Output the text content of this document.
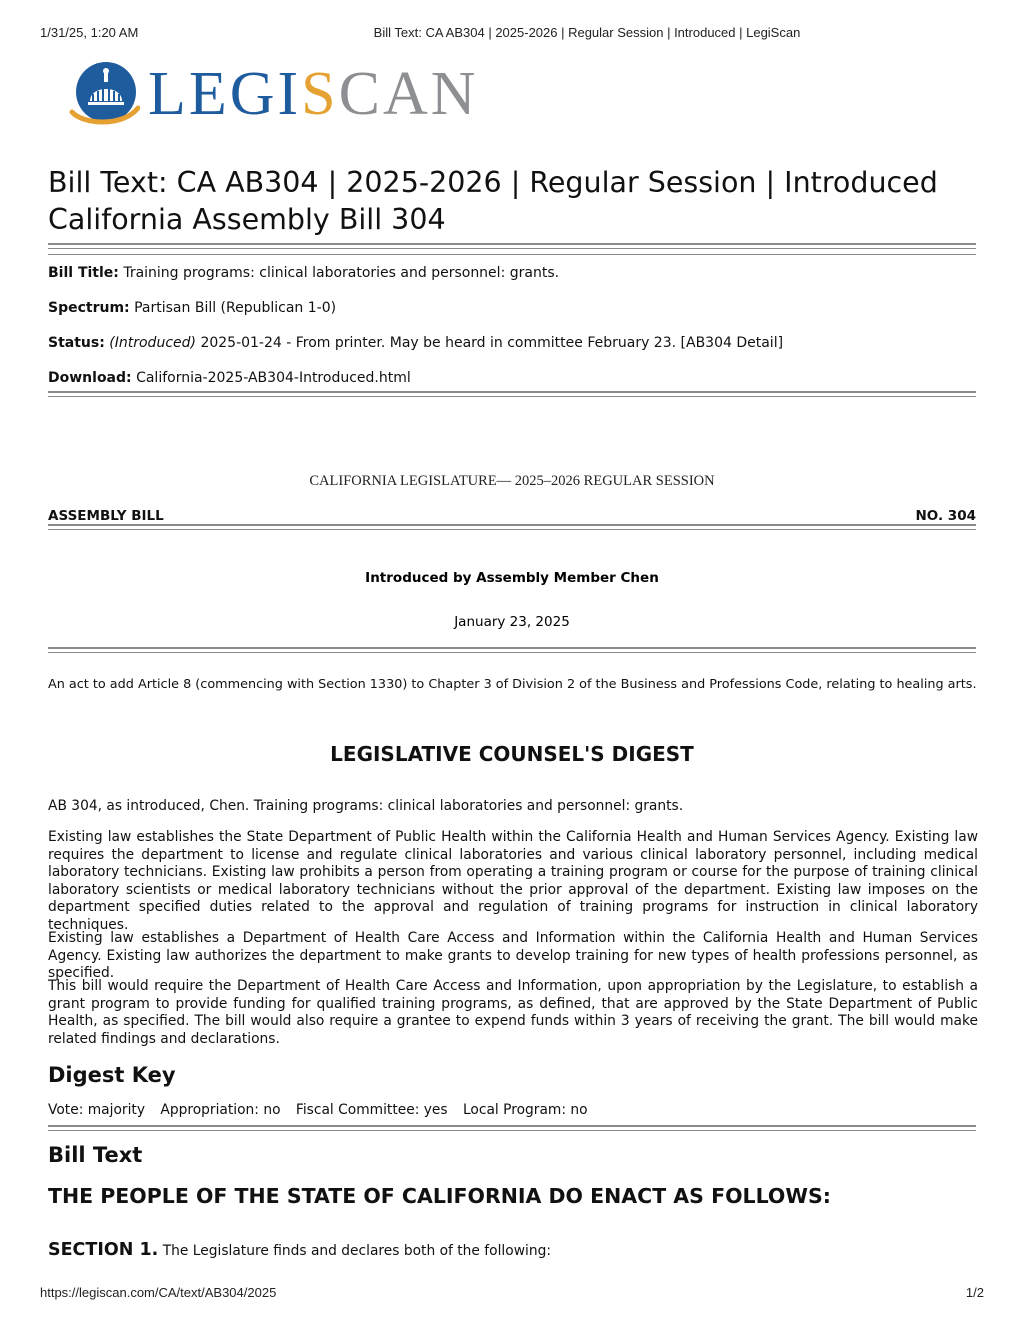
1/31/25, 1:20 AM	Bill Text: CA AB304 | 2025-2026 | Regular Session | Introduced | LegiScan
LEGISCAN
Bill Text: CA AB304 | 2025-2026 | Regular Session | Introduced
California Assembly Bill 304
Bill Title: Training programs: clinical laboratories and personnel: grants.
Spectrum: Partisan Bill (Republican 1-0)
Status: (Introduced) 2025-01-24 - From printer. May be heard in committee February 23. [AB304 Detail]
Download: California-2025-AB304-Introduced.html
CALIFORNIA LEGISLATURE— 2025–2026 REGULAR SESSION
ASSEMBLY BILL	NO. 304
Introduced by Assembly Member Chen
January 23, 2025
An act to add Article 8 (commencing with Section 1330) to Chapter 3 of Division 2 of the Business and Professions Code, relating to healing arts.
LEGISLATIVE COUNSEL'S DIGEST

AB 304, as introduced, Chen. Training programs: clinical laboratories and personnel: grants.

Existing law establishes the State Department of Public Health within the California Health and Human Services Agency. Existing law requires the department to license and regulate clinical laboratories and various clinical laboratory personnel, including medical laboratory technicians. Existing law prohibits a person from operating a training program or course for the purpose of training clinical laboratory scientists or medical laboratory technicians without the prior approval of the department. Existing law imposes on the department specified duties related to the approval and regulation of training programs for instruction in clinical laboratory techniques.

Existing law establishes a Department of Health Care Access and Information within the California Health and Human Services Agency. Existing law authorizes the department to make grants to develop training for new types of health professions personnel, as specified.

This bill would require the Department of Health Care Access and Information, upon appropriation by the Legislature, to establish a grant program to provide funding for qualified training programs, as defined, that are approved by the State Department of Public Health, as specified. The bill would also require a grantee to expend funds within 3 years of receiving the grant. The bill would make related findings and declarations.

Digest Key
Vote: majority Appropriation: no Fiscal Committee: yes Local Program: no
Bill Text
THE PEOPLE OF THE STATE OF CALIFORNIA DO ENACT AS FOLLOWS:
SECTION 1. The Legislature finds and declares both of the following:
https://legiscan.com/CA/text/AB304/2025	1/2
